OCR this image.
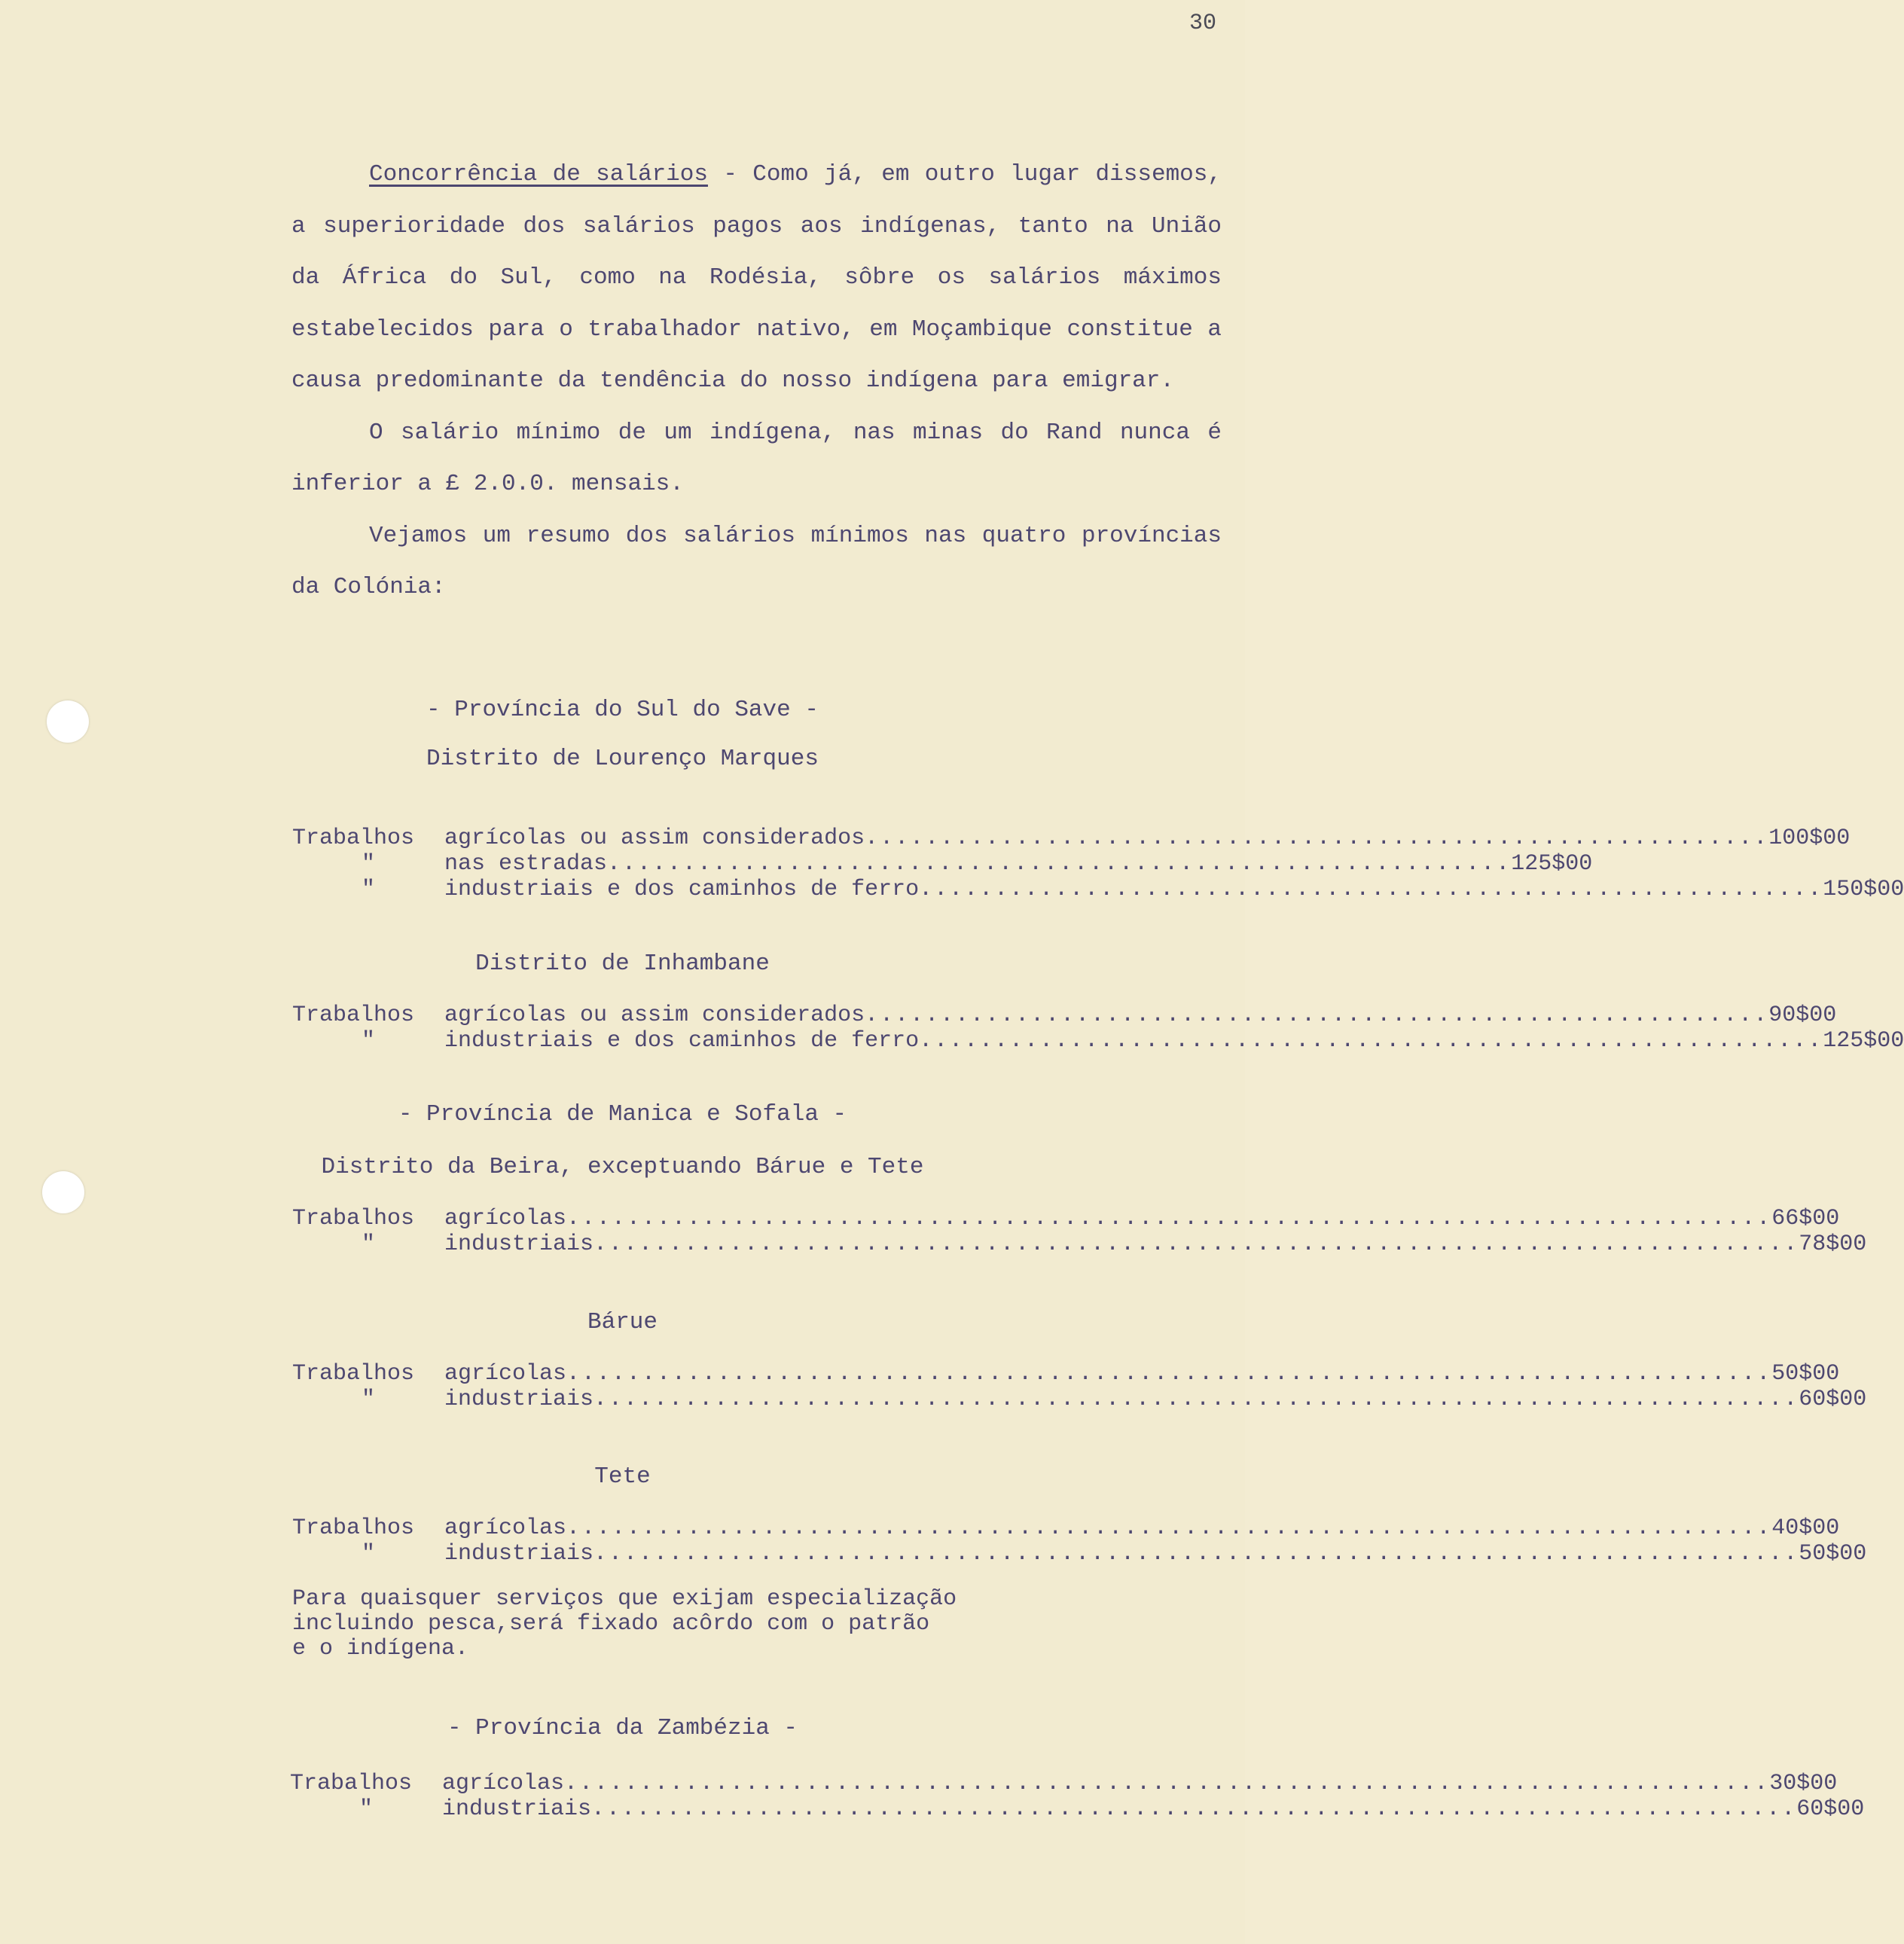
30

Concorrência de salários - Como já, em outro lugar dissemos, a superioridade dos salários pagos aos indígenas, tanto na União da África do Sul, como na Rodésia, sôbre os salários máximos estabelecidos para o trabalhador nativo, em Moçambique constitue a causa predominante da tendência do nosso indígena para emigrar.

O salário mínimo de um indígena, nas minas do Rand nunca é inferior a £ 2.0.0. mensais.

Vejamos um resumo dos salários mínimos nas quatro províncias da Colónia:

- Província do Sul do Save -
Distrito de Lourenço Marques
Trabalhos	agrícolas ou assim considerados ............................................................ 100$00
"	nas estradas ............................................................ 125$00
"	industriais e dos caminhos de ferro ............................................................ 150$00
Distrito de Inhambane
Trabalhos	agrícolas ou assim considerados ............................................................ 90$00
"	industriais e dos caminhos de ferro ............................................................ 125$00
- Província de Manica e Sofala -
Distrito da Beira, exceptuando Bárue e Tete
Trabalhos	agrícolas ................................................................................ 66$00
"	industriais ................................................................................ 78$00
Bárue
Trabalhos	agrícolas ................................................................................ 50$00
"	industriais ................................................................................ 60$00
Tete
Trabalhos	agrícolas ................................................................................ 40$00
"	industriais ................................................................................ 50$00
Para quaisquer serviços que exijam especialização
incluindo pesca,será fixado acôrdo com o patrão
e o indígena.
- Província da Zambézia -
Trabalhos	agrícolas ................................................................................ 30$00
"	industriais ................................................................................ 60$00
